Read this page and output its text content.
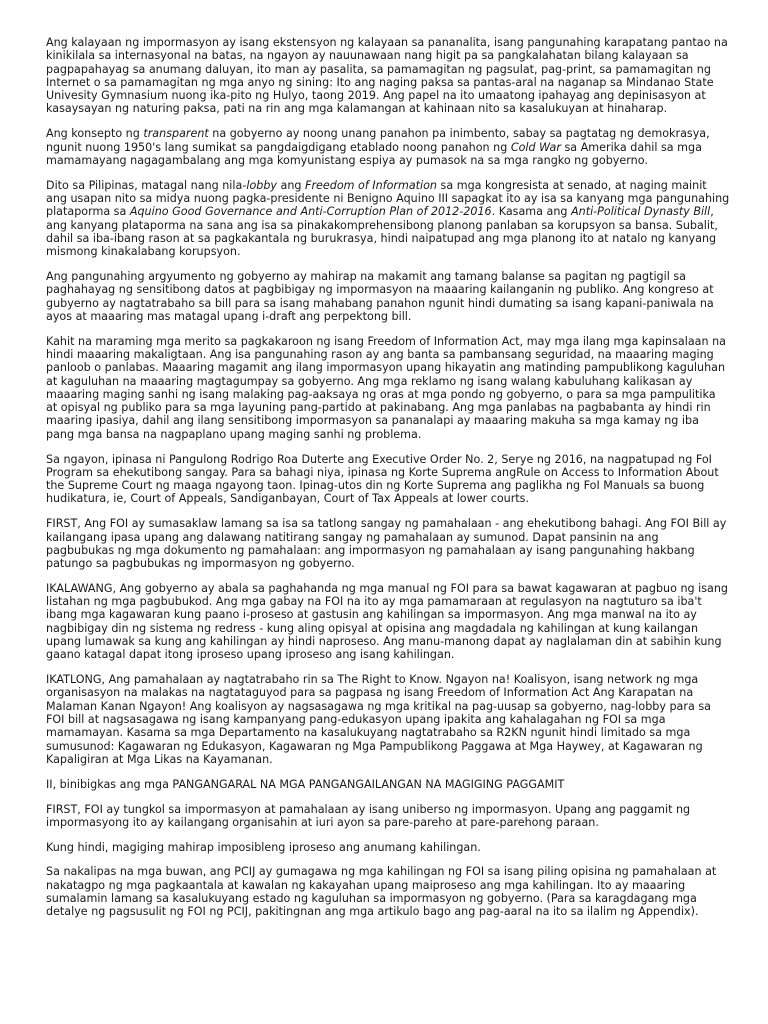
Ang kalayaan ng impormasyon ay isang ekstensyon ng kalayaan sa pananalita, isang pangunahing karapatang pantao na kinikilala sa internasyonal na batas, na ngayon ay nauunawaan nang higit pa sa pangkalahatan bilang kalayaan sa pagpapahayag sa anumang daluyan, ito man ay pasalita, sa pamamagitan ng pagsulat, pag-print, sa pamamagitan ng Internet o sa pamamagitan ng mga anyo ng sining: Ito ang naging paksa sa pantas-aral na naganap sa Mindanao State Univesity Gymnasium nuong ika-pito ng Hulyo, taong 2019. Ang papel na ito umaatong ipahayag ang depinisasyon at kasaysayan ng naturing paksa, pati na rin ang mga kalamangan at kahinaan nito sa kasalukuyan at hinaharap.

Ang konsepto ng transparent na gobyerno ay noong unang panahon pa inimbento, sabay sa pagtatag ng demokrasya, ngunit nuong 1950's lang sumikat sa pangdaigdigang etablado noong panahon ng Cold War sa Amerika dahil sa mga mamamayang nagagambalang ang mga komyunistang espiya ay pumasok na sa mga rangko ng gobyerno.

Dito sa Pilipinas, matagal nang nila-lobby ang Freedom of Information sa mga kongresista at senado, at naging mainit ang usapan nito sa midya nuong pagka-presidente ni Benigno Aquino III sapagkat ito ay isa sa kanyang mga pangunahing plataporma sa Aquino Good Governance and Anti-Corruption Plan of 2012-2016. Kasama ang Anti-Political Dynasty Bill, ang kanyang plataporma na sana ang isa sa pinakakomprehensibong planong panlaban sa korupsyon sa bansa. Subalit, dahil sa iba-ibang rason at sa pagkakantala ng burukrasya, hindi naipatupad ang mga planong ito at natalo ng kanyang mismong kinakalabang korupsyon.

Ang pangunahing argyumento ng gobyerno ay mahirap na makamit ang tamang balanse sa pagitan ng pagtigil sa paghahayag ng sensitibong datos at pagbibigay ng impormasyon na maaaring kailanganin ng publiko. Ang kongreso at gubyerno ay nagtatrabaho sa bill para sa isang mahabang panahon ngunit hindi dumating sa isang kapani-paniwala na ayos at maaaring mas matagal upang i-draft ang perpektong bill.

Kahit na maraming mga merito sa pagkakaroon ng isang Freedom of Information Act, may mga ilang mga kapinsalaan na hindi maaaring makaligtaan. Ang isa pangunahing rason ay ang banta sa pambansang seguridad, na maaaring maging panloob o panlabas. Maaaring magamit ang ilang impormasyon upang hikayatin ang matinding pampublikong kaguluhan at kaguluhan na maaaring magtagumpay sa gobyerno. Ang mga reklamo ng isang walang kabuluhang kalikasan ay maaaring maging sanhi ng isang malaking pag-aaksaya ng oras at mga pondo ng gobyerno, o para sa mga pampulitika at opisyal ng publiko para sa mga layuning pang-partido at pakinabang. Ang mga panlabas na pagbabanta ay hindi rin maaring ipasiya, dahil ang ilang sensitibong impormasyon sa pananalapi ay maaaring makuha sa mga kamay ng iba pang mga bansa na nagpaplano upang maging sanhi ng problema.

Sa ngayon, ipinasa ni Pangulong Rodrigo Roa Duterte ang Executive Order No. 2, Serye ng 2016, na nagpatupad ng FoI Program sa ehekutibong sangay. Para sa bahagi niya, ipinasa ng Korte Suprema angRule on Access to Information About the Supreme Court ng maaga ngayong taon. Ipinag-utos din ng Korte Suprema ang paglikha ng FoI Manuals sa buong hudikatura, ie, Court of Appeals, Sandiganbayan, Court of Tax Appeals at lower courts.

FIRST, Ang FOI ay sumasaklaw lamang sa isa sa tatlong sangay ng pamahalaan - ang ehekutibong bahagi. Ang FOI Bill ay kailangang ipasa upang ang dalawang natitirang sangay ng pamahalaan ay sumunod. Dapat pansinin na ang pagbubukas ng mga dokumento ng pamahalaan: ang impormasyon ng pamahalaan ay isang pangunahing hakbang patungo sa pagbubukas ng impormasyon ng gobyerno.

IKALAWANG, Ang gobyerno ay abala sa paghahanda ng mga manual ng FOI para sa bawat kagawaran at pagbuo ng isang listahan ng mga pagbubukod. Ang mga gabay na FOI na ito ay mga pamamaraan at regulasyon na nagtuturo sa iba't ibang mga kagawaran kung paano i-proseso at gastusin ang kahilingan sa impormasyon. Ang mga manwal na ito ay nagbibigay din ng sistema ng redress - kung aling opisyal at opisina ang magdadala ng kahilingan at kung kailangan upang lumawak sa kung ang kahilingan ay hindi naproseso. Ang manu-manong dapat ay naglalaman din at sabihin kung gaano katagal dapat itong iproseso upang iproseso ang isang kahilingan.

IKATLONG, Ang pamahalaan ay nagtatrabaho rin sa The Right to Know. Ngayon na! Koalisyon, isang network ng mga organisasyon na malakas na nagtataguyod para sa pagpasa ng isang Freedom of Information Act Ang Karapatan na Malaman Kanan Ngayon! Ang koalisyon ay nagsasagawa ng mga kritikal na pag-uusap sa gobyerno, nag-lobby para sa FOI bill at nagsasagawa ng isang kampanyang pang-edukasyon upang ipakita ang kahalagahan ng FOI sa mga mamamayan. Kasama sa mga Departamento na kasalukuyang nagtatrabaho sa R2KN ngunit hindi limitado sa mga sumusunod: Kagawaran ng Edukasyon, Kagawaran ng Mga Pampublikong Paggawa at Mga Haywey, at Kagawaran ng Kapaligiran at Mga Likas na Kayamanan.

II, binibigkas ang mga PANGANGARAL NA MGA PANGANGAILANGAN NA MAGIGING PAGGAMIT

FIRST, FOI ay tungkol sa impormasyon at pamahalaan ay isang uniberso ng impormasyon. Upang ang paggamit ng impormasyong ito ay kailangang organisahin at iuri ayon sa pare-pareho at pare-parehong paraan.

Kung hindi, magiging mahirap imposibleng iproseso ang anumang kahilingan.

Sa nakalipas na mga buwan, ang PCIJ ay gumagawa ng mga kahilingan ng FOI sa isang piling opisina ng pamahalaan at nakatagpo ng mga pagkaantala at kawalan ng kakayahan upang maiproseso ang mga kahilingan. Ito ay maaaring sumalamin lamang sa kasalukuyang estado ng kaguluhan sa impormasyon ng gobyerno. (Para sa karagdagang mga detalye ng pagsusulit ng FOI ng PCIJ, pakitingnan ang mga artikulo bago ang pag-aaral na ito sa ilalim ng Appendix).
